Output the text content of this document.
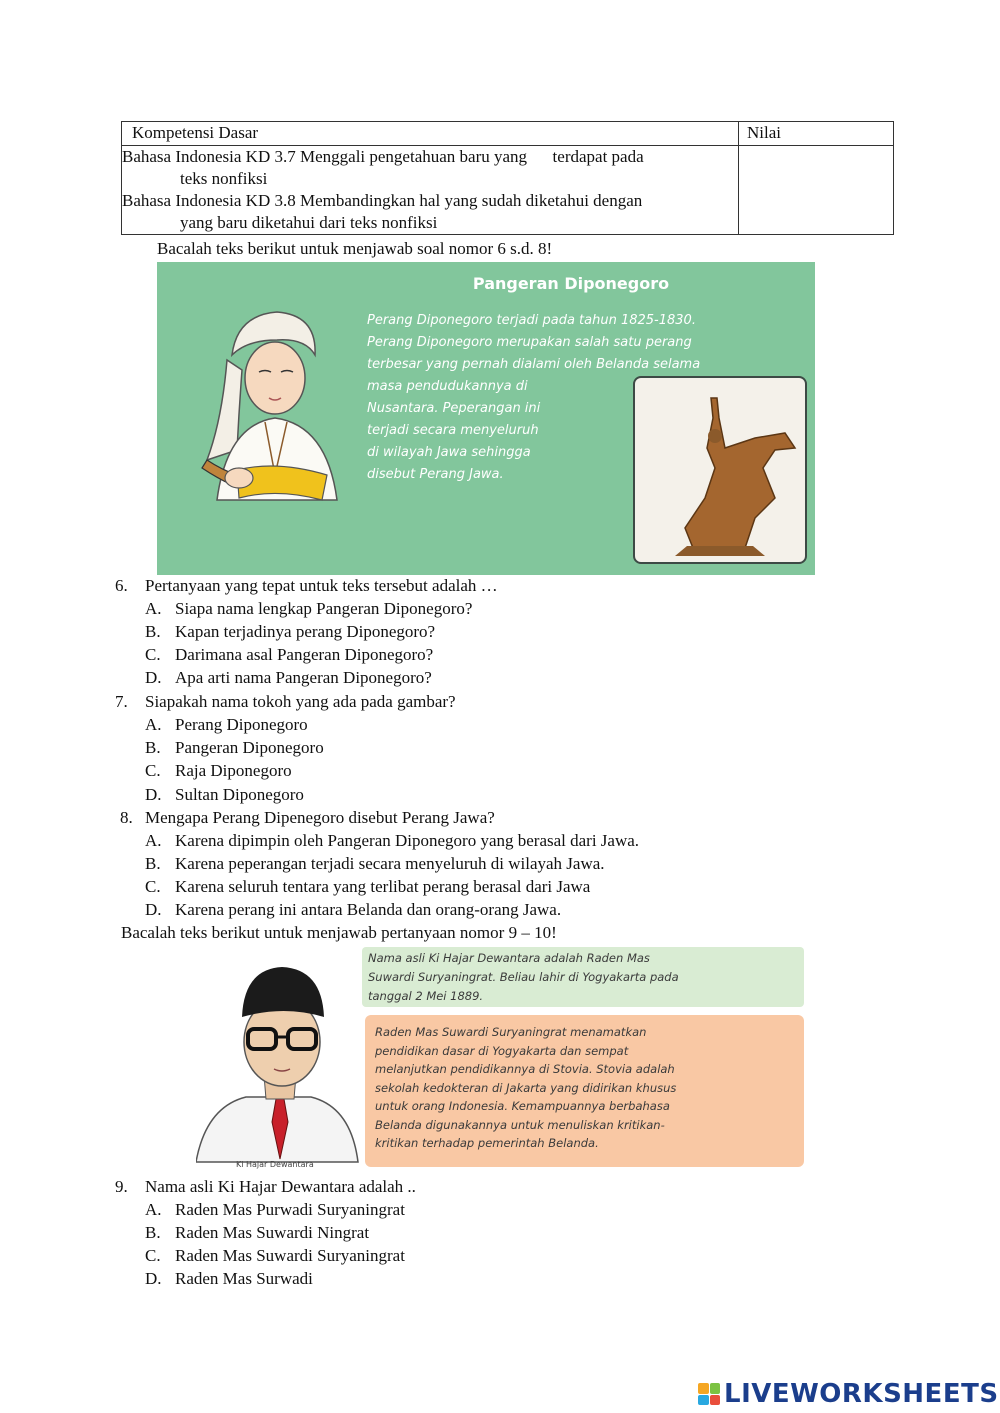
Kompetensi Dasar	Nilai

Bahasa Indonesia KD 3.7 Menggali pengetahuan baru yang      terdapat pada
teks nonfiksi
Bahasa Indonesia KD 3.8 Membandingkan hal yang sudah diketahui dengan
yang baru diketahui dari teks nonfiksi	

Bacalah teks berikut untuk menjawab soal nomor 6 s.d. 8!
Pangeran Diponegoro
Perang Diponegoro terjadi pada tahun 1825-1830.
Perang Diponegoro merupakan salah satu perang
terbesar yang pernah dialami oleh Belanda selama
masa pendudukannya di
Nusantara. Peperangan ini
terjadi secara menyeluruh
di wilayah Jawa sehingga
disebut Perang Jawa.
6. Pertanyaan yang tepat untuk teks tersebut adalah …
A. Siapa nama lengkap Pangeran Diponegoro?
B. Kapan terjadinya perang Diponegoro?
C. Darimana asal Pangeran Diponegoro?
D. Apa arti nama Pangeran Diponegoro?
7. Siapakah nama tokoh yang ada pada gambar?
A. Perang Diponegoro
B. Pangeran Diponegoro
C. Raja Diponegoro
D. Sultan Diponegoro
8. Mengapa Perang Dipenegoro disebut Perang Jawa?
A. Karena dipimpin oleh Pangeran Diponegoro yang berasal dari Jawa.
B. Karena peperangan terjadi secara menyeluruh di wilayah Jawa.
C. Karena seluruh tentara yang terlibat perang berasal dari Jawa
D. Karena perang ini antara Belanda dan orang-orang Jawa.
Bacalah teks berikut untuk menjawab pertanyaan nomor 9 – 10!
Ki Hajar Dewantara
Nama asli Ki Hajar Dewantara adalah Raden Mas
Suwardi Suryaningrat. Beliau lahir di Yogyakarta pada
tanggal 2 Mei 1889.
Raden Mas Suwardi Suryaningrat menamatkan
pendidikan dasar di Yogyakarta dan sempat
melanjutkan pendidikannya di Stovia. Stovia adalah
sekolah kedokteran di Jakarta yang didirikan khusus
untuk orang Indonesia. Kemampuannya berbahasa
Belanda digunakannya untuk menuliskan kritikan-
kritikan terhadap pemerintah Belanda.
9. Nama asli Ki Hajar Dewantara adalah ..
A. Raden Mas Purwadi Suryaningrat
B. Raden Mas Suwardi Ningrat
C. Raden Mas Suwardi Suryaningrat
D. Raden Mas Surwadi
LIVEWORKSHEETS
